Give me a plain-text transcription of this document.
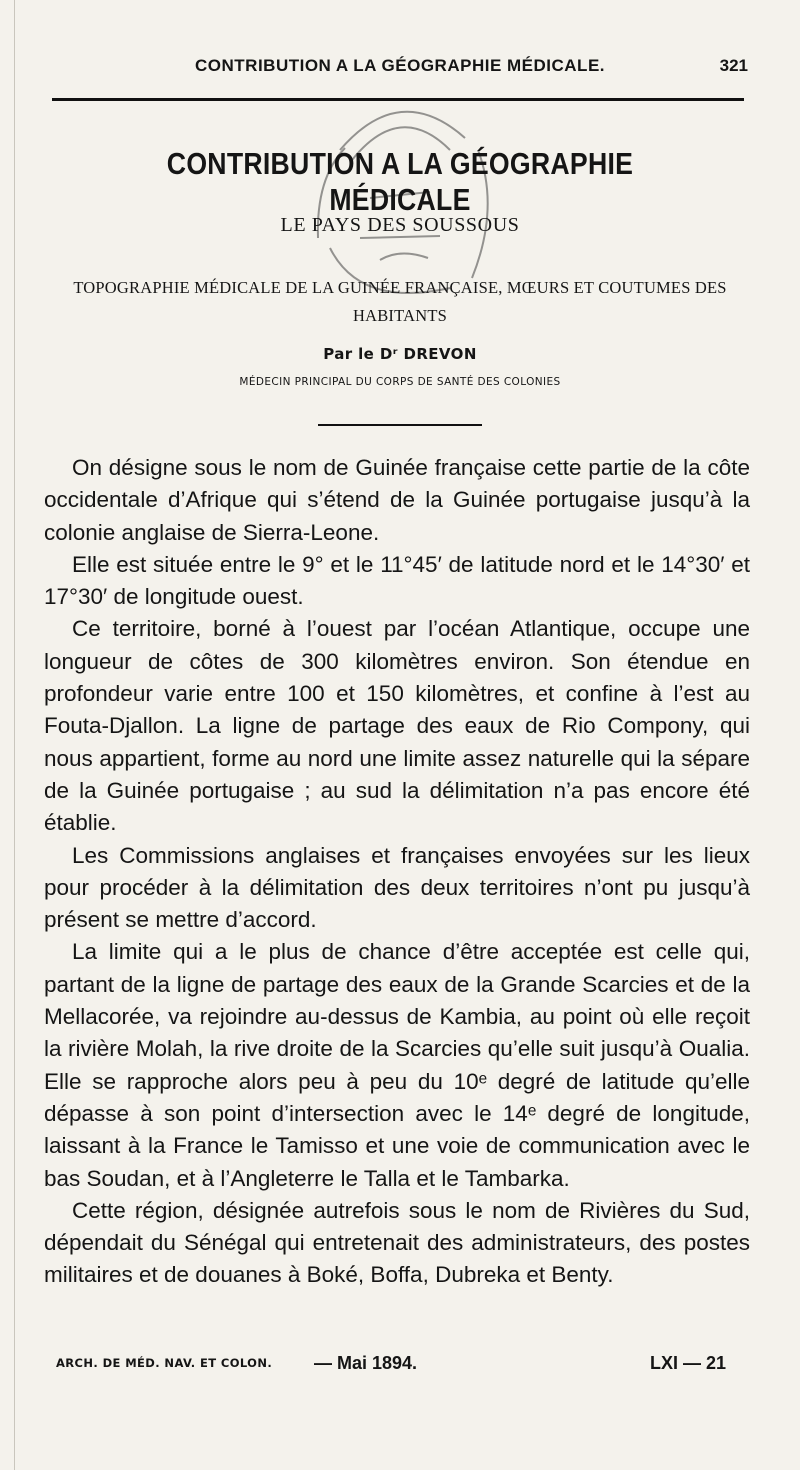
CONTRIBUTION A LA GÉOGRAPHIE MÉDICALE.	321
CONTRIBUTION A LA GÉOGRAPHIE MÉDICALE
LE PAYS DES SOUSSOUS
TOPOGRAPHIE MÉDICALE DE LA GUINÉE FRANÇAISE, MŒURS ET COUTUMES DES HABITANTS
Par le Dʳ DREVON
MÉDECIN PRINCIPAL DU CORPS DE SANTÉ DES COLONIES

On désigne sous le nom de Guinée française cette partie de la côte occidentale d’Afrique qui s’étend de la Guinée portugaise jusqu’à la colonie anglaise de Sierra-Leone.

Elle est située entre le 9° et le 11°45′ de latitude nord et le 14°30′ et 17°30′ de longitude ouest.

Ce territoire, borné à l’ouest par l’océan Atlantique, occupe une longueur de côtes de 300 kilomètres environ. Son étendue en profondeur varie entre 100 et 150 kilomètres, et confine à l’est au Fouta-Djallon. La ligne de partage des eaux de Rio Compony, qui nous appartient, forme au nord une limite assez naturelle qui la sépare de la Guinée portugaise ; au sud la délimitation n’a pas encore été établie.

Les Commissions anglaises et françaises envoyées sur les lieux pour procéder à la délimitation des deux territoires n’ont pu jusqu’à présent se mettre d’accord.

La limite qui a le plus de chance d’être acceptée est celle qui, partant de la ligne de partage des eaux de la Grande Scarcies et de la Mellacorée, va rejoindre au-dessus de Kambia, au point où elle reçoit la rivière Molah, la rive droite de la Scarcies qu’elle suit jusqu’à Oualia. Elle se rapproche alors peu à peu du 10ᵉ degré de latitude qu’elle dépasse à son point d’intersection avec le 14ᵉ degré de longitude, laissant à la France le Tamisso et une voie de communication avec le bas Soudan, et à l’Angleterre le Talla et le Tambarka.

Cette région, désignée autrefois sous le nom de Rivières du Sud, dépendait du Sénégal qui entretenait des administrateurs, des postes militaires et de douanes à Boké, Boffa, Dubreka et Benty.

ARCH. DE MÉD. NAV. ET COLON. — Mai 1894.	LXI — 21
